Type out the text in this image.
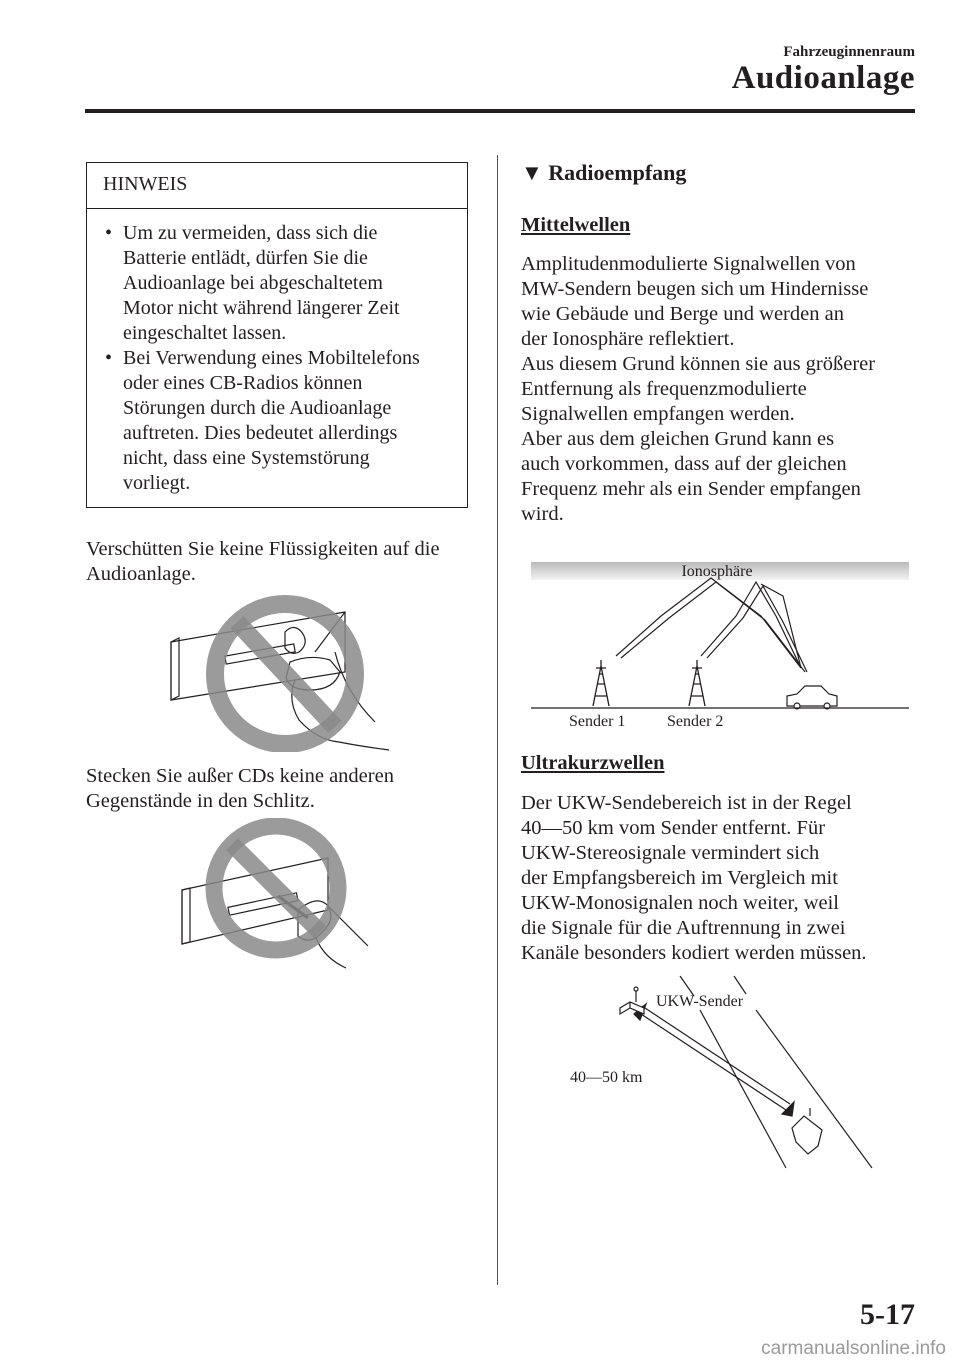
Fahrzeuginnenraum
Audioanlage
HINWEIS
• Um zu vermeiden, dass sich die
Batterie entlädt, dürfen Sie die
Audioanlage bei abgeschaltetem
Motor nicht während längerer Zeit
eingeschaltet lassen.
• Bei Verwendung eines Mobiltelefons
oder eines CB-Radios können
Störungen durch die Audioanlage
auftreten. Dies bedeutet allerdings
nicht, dass eine Systemstörung
vorliegt.
Verschütten Sie keine Flüssigkeiten auf die
Audioanlage.
Stecken Sie außer CDs keine anderen
Gegenstände in den Schlitz.
▼ Radioempfang
Mittelwellen
Amplitudenmodulierte Signalwellen von
MW-Sendern beugen sich um Hindernisse
wie Gebäude und Berge und werden an
der Ionosphäre reflektiert.
Aus diesem Grund können sie aus größerer
Entfernung als frequenzmodulierte
Signalwellen empfangen werden.
Aber aus dem gleichen Grund kann es
auch vorkommen, dass auf der gleichen
Frequenz mehr als ein Sender empfangen
wird.
Ionosphäre
Sender 1	Sender 2
Ultrakurzwellen
Der UKW-Sendebereich ist in der Regel
40—50 km vom Sender entfernt. Für
UKW-Stereosignale vermindert sich
der Empfangsbereich im Vergleich mit
UKW-Monosignalen noch weiter, weil
die Signale für die Auftrennung in zwei
Kanäle besonders kodiert werden müssen.
UKW-Sender
40—50 km
5-17
carmanualsonline.info
